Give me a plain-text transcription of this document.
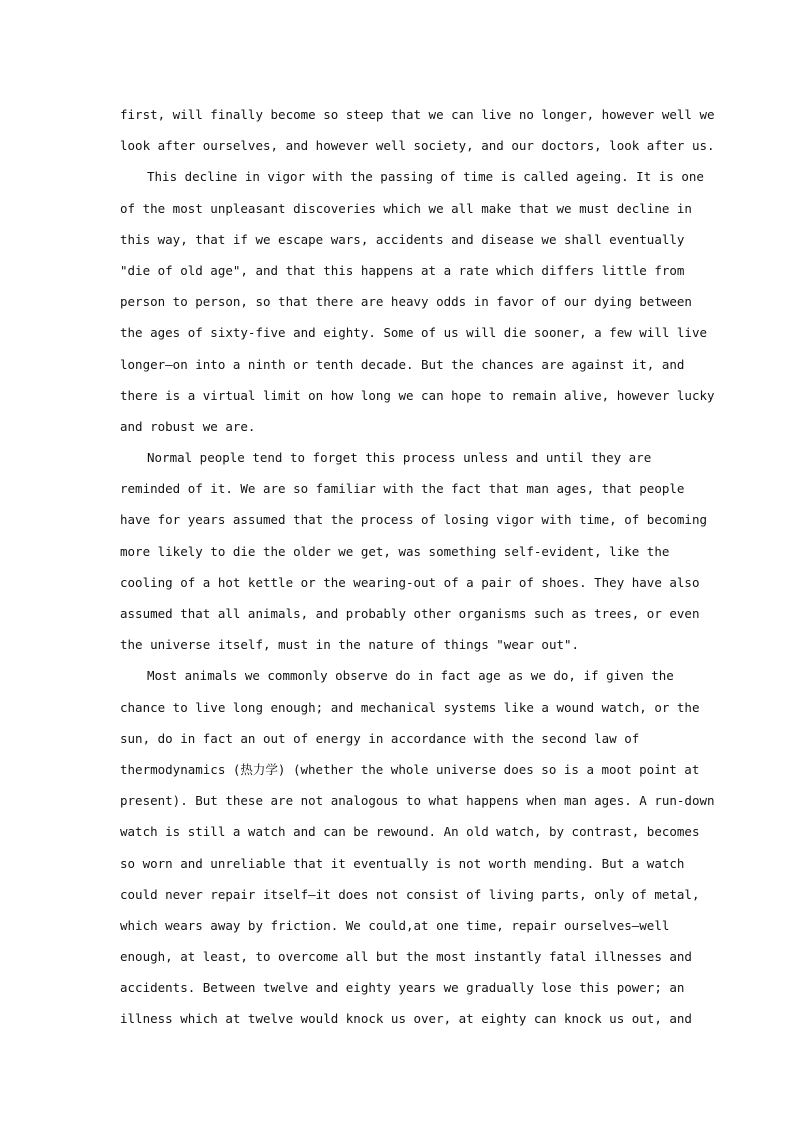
first, will finally become so steep that we can live no longer, however well we
look after ourselves, and however well society, and our doctors, look after us.
This decline in vigor with the passing of time is called ageing. It is one
of the most unpleasant discoveries which we all make that we must decline in
this way, that if we escape wars, accidents and disease we shall eventually
"die of old age", and that this happens at a rate which differs little from
person to person, so that there are heavy odds in favor of our dying between
the ages of sixty-five and eighty. Some of us will die sooner, a few will live
longer—on into a ninth or tenth decade. But the chances are against it, and
there is a virtual limit on how long we can hope to remain alive, however lucky
and robust we are.
Normal people tend to forget this process unless and until they are
reminded of it. We are so familiar with the fact that man ages, that people
have for years assumed that the process of losing vigor with time, of becoming
more likely to die the older we get, was something self-evident, like the
cooling of a hot kettle or the wearing-out of a pair of shoes. They have also
assumed that all animals, and probably other organisms such as trees, or even
the universe itself, must in the nature of things "wear out".
Most animals we commonly observe do in fact age as we do, if given the
chance to live long enough; and mechanical systems like a wound watch, or the
sun, do in fact an out of energy in accordance with the second law of
thermodynamics (热力学) (whether the whole universe does so is a moot point at
present). But these are not analogous to what happens when man ages. A run-down
watch is still a watch and can be rewound. An old watch, by contrast, becomes
so worn and unreliable that it eventually is not worth mending. But a watch
could never repair itself—it does not consist of living parts, only of metal,
which wears away by friction. We could,at one time, repair ourselves—well
enough, at least, to overcome all but the most instantly fatal illnesses and
accidents. Between twelve and eighty years we gradually lose this power; an
illness which at twelve would knock us over, at eighty can knock us out, and
